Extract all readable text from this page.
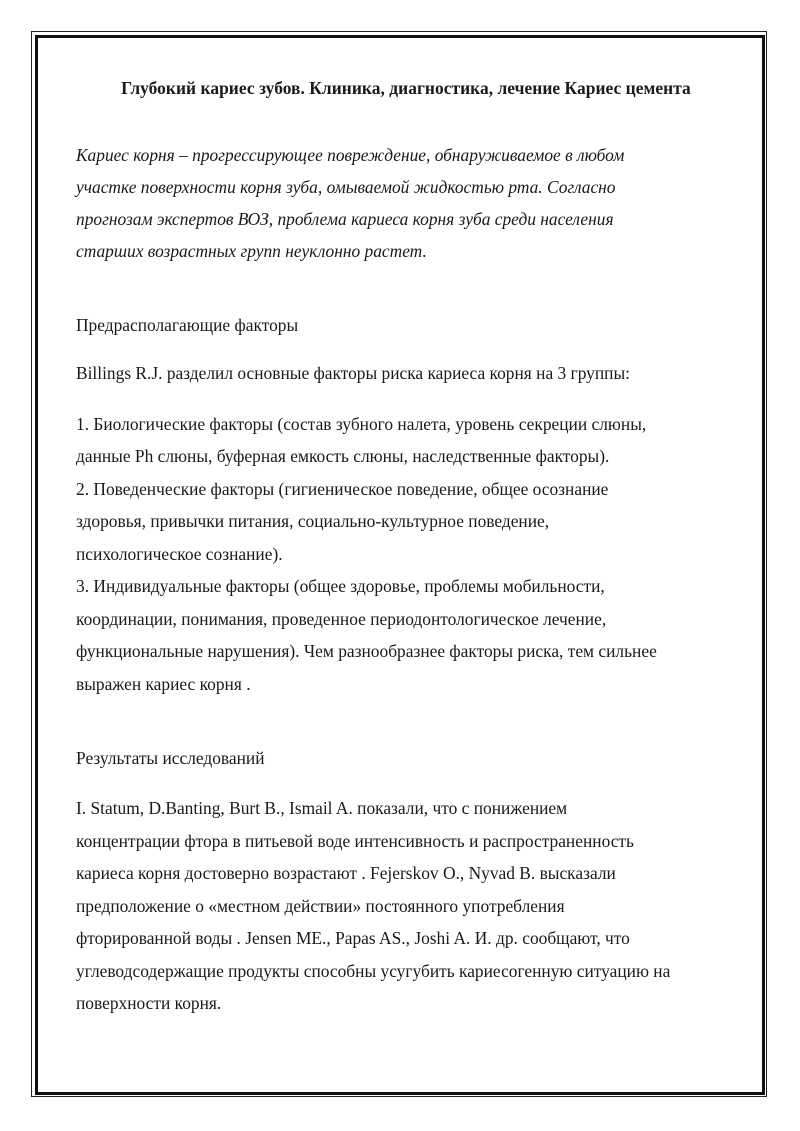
Глубокий кариес зубов. Клиника, диагностика, лечение Кариес цемента
Кариес корня – прогрессирующее повреждение, обнаруживаемое в любом
участке поверхности корня зуба, омываемой жидкостью рта. Согласно
прогнозам экспертов ВОЗ, проблема кариеса корня зуба среди населения
старших возрастных групп неуклонно растет.
Предрасполагающие факторы
Billings R.J. разделил основные факторы риска кариеса корня на 3 группы:
1. Биологические факторы (состав зубного налета, уровень секреции слюны,
данные Ph слюны, буферная емкость слюны, наследственные факторы).
2. Поведенческие факторы (гигиеническое поведение, общее осознание
здоровья, привычки питания, социально-культурное поведение,
психологическое сознание).
3. Индивидуальные факторы (общее здоровье, проблемы мобильности,
координации, понимания, проведенное периодонтологическое лечение,
функциональные нарушения). Чем разнообразнее факторы риска, тем сильнее
выражен кариес корня .
Результаты исследований
I. Statum, D.Banting, Burt B., Ismail A. показали, что с понижением
концентрации фтора в питьевой воде интенсивность и распространенность
кариеса корня достоверно возрастают . Fejerskov O., Nyvad B. высказали
предположение о «местном действии» постоянного употребления
фторированной воды . Jensen ME., Papas AS., Joshi A. И. др. сообщают, что
углеводсодержащие продукты способны усугубить кариесогенную ситуацию на
поверхности корня.
